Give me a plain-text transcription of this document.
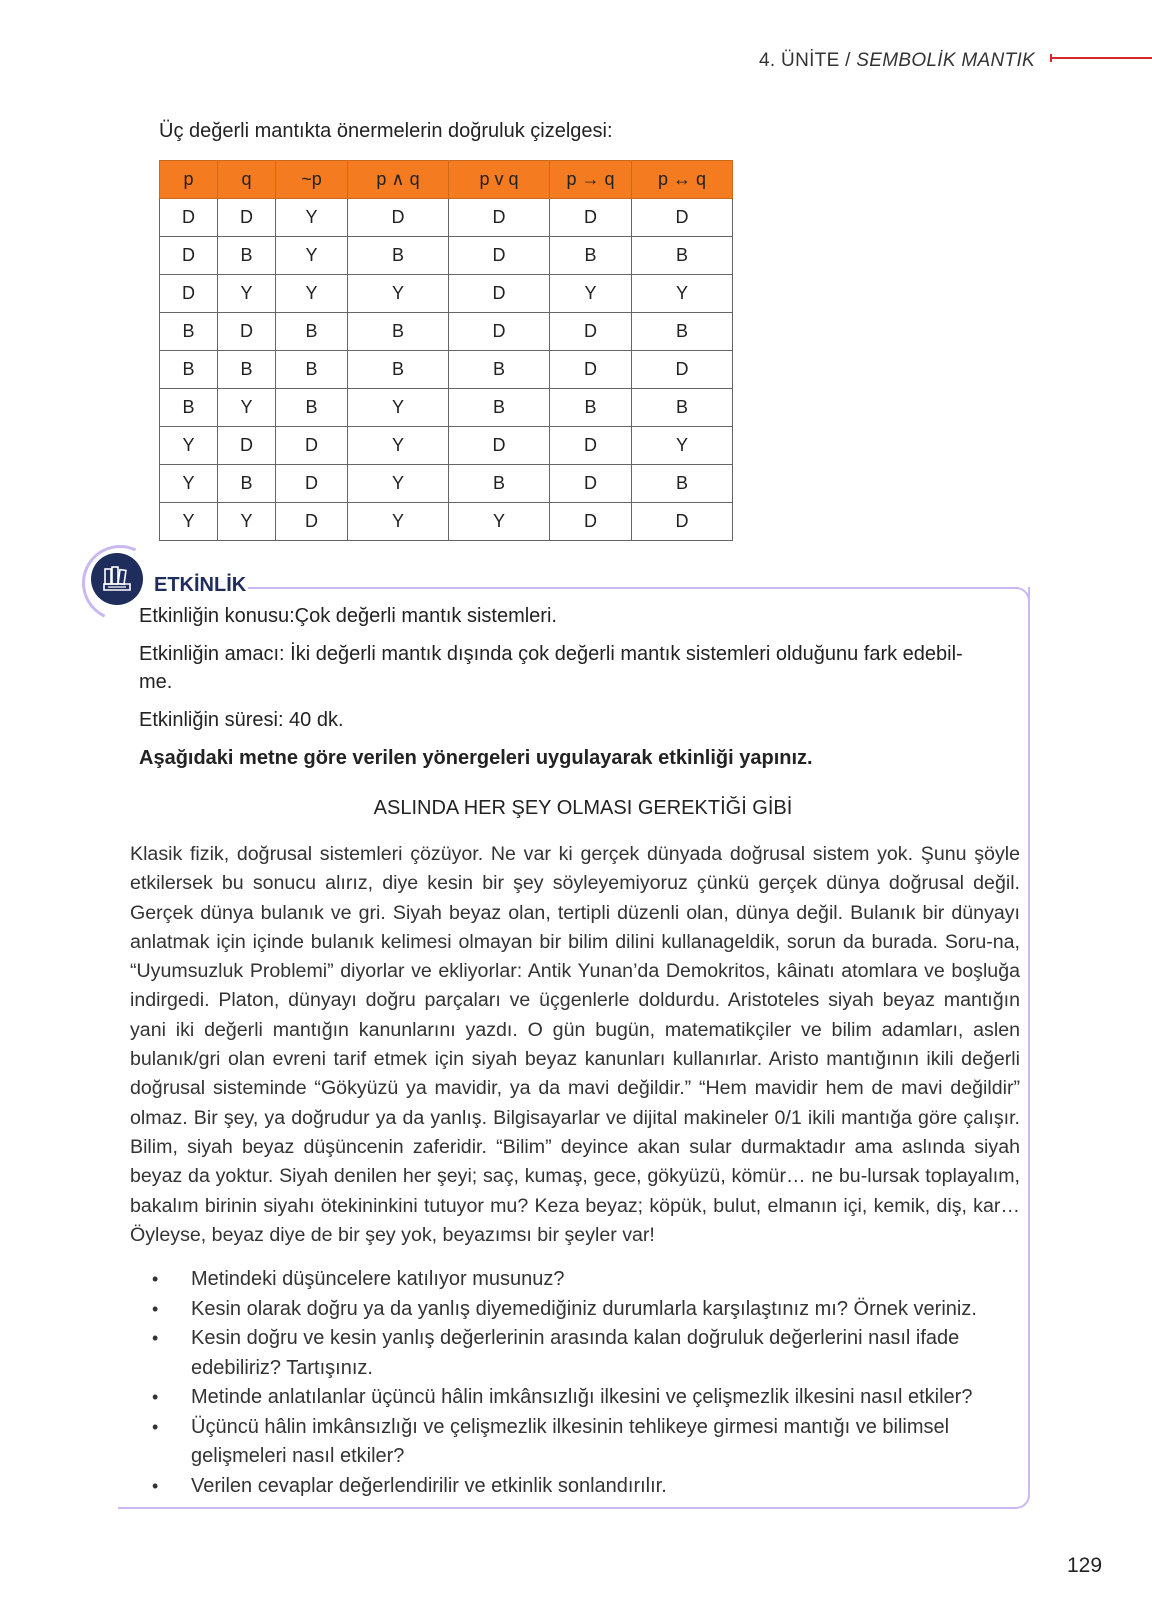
4. ÜNİTE / SEMBOLİK MANTIK
Üç değerli mantıkta önermelerin doğruluk çizelgesi:
p	q	~p	p ∧ q	p v q	p → q	p ↔ q
D	D	Y	D	D	D	D
D	B	Y	B	D	B	B
D	Y	Y	Y	D	Y	Y
B	D	B	B	D	D	B
B	B	B	B	B	D	D
B	Y	B	Y	B	B	B
Y	D	D	Y	D	D	Y
Y	B	D	Y	B	D	B
Y	Y	D	Y	Y	D	D
ETKİNLİK
Etkinliğin konusu:Çok değerli mantık sistemleri.
Etkinliğin amacı: İki değerli mantık dışında çok değerli mantık sistemleri olduğunu fark edebil-
me.
Etkinliğin süresi: 40 dk.
Aşağıdaki metne göre verilen yönergeleri uygulayarak etkinliği yapınız.
ASLINDA HER ŞEY OLMASI GEREKTİĞİ GİBİ

Klasik fizik, doğrusal sistemleri çözüyor. Ne var ki gerçek dünyada doğrusal sistem yok. Şunu şöyle etkilersek bu sonucu alırız, diye kesin bir şey söyleyemiyoruz çünkü gerçek dünya doğrusal değil. Gerçek dünya bulanık ve gri. Siyah beyaz olan, tertipli düzenli olan, dünya değil. Bulanık bir dünyayı anlatmak için içinde bulanık kelimesi olmayan bir bilim dilini kullanageldik, sorun da burada. Soru-na, “Uyumsuzluk Problemi” diyorlar ve ekliyorlar: Antik Yunan’da Demokritos, kâinatı atomlara ve boşluğa indirgedi. Platon, dünyayı doğru parçaları ve üçgenlerle doldurdu. Aristoteles siyah beyaz mantığın yani iki değerli mantığın kanunlarını yazdı. O gün bugün, matematikçiler ve bilim adamları, aslen bulanık/gri olan evreni tarif etmek için siyah beyaz kanunları kullanırlar. Aristo mantığının ikili değerli doğrusal sisteminde “Gökyüzü ya mavidir, ya da mavi değildir.” “Hem mavidir hem de mavi değildir” olmaz. Bir şey, ya doğrudur ya da yanlış. Bilgisayarlar ve dijital makineler 0/1 ikili mantığa göre çalışır. Bilim, siyah beyaz düşüncenin zaferidir. “Bilim” deyince akan sular durmaktadır ama aslında siyah beyaz da yoktur. Siyah denilen her şeyi; saç, kumaş, gece, gökyüzü, kömür… ne bu-lursak toplayalım, bakalım birinin siyahı ötekininkini tutuyor mu? Keza beyaz; köpük, bulut, elmanın içi, kemik, diş, kar… Öyleyse, beyaz diye de bir şey yok, beyazımsı bir şeyler var!

• Metindeki düşüncelere katılıyor musunuz?
• Kesin olarak doğru ya da yanlış diyemediğiniz durumlarla karşılaştınız mı? Örnek veriniz.
• Kesin doğru ve kesin yanlış değerlerinin arasında kalan doğruluk değerlerini nasıl ifade edebiliriz? Tartışınız.
• Metinde anlatılanlar üçüncü hâlin imkânsızlığı ilkesini ve çelişmezlik ilkesini nasıl etkiler?
• Üçüncü hâlin imkânsızlığı ve çelişmezlik ilkesinin tehlikeye girmesi mantığı ve bilimsel gelişmeleri nasıl etkiler?
• Verilen cevaplar değerlendirilir ve etkinlik sonlandırılır.
129
